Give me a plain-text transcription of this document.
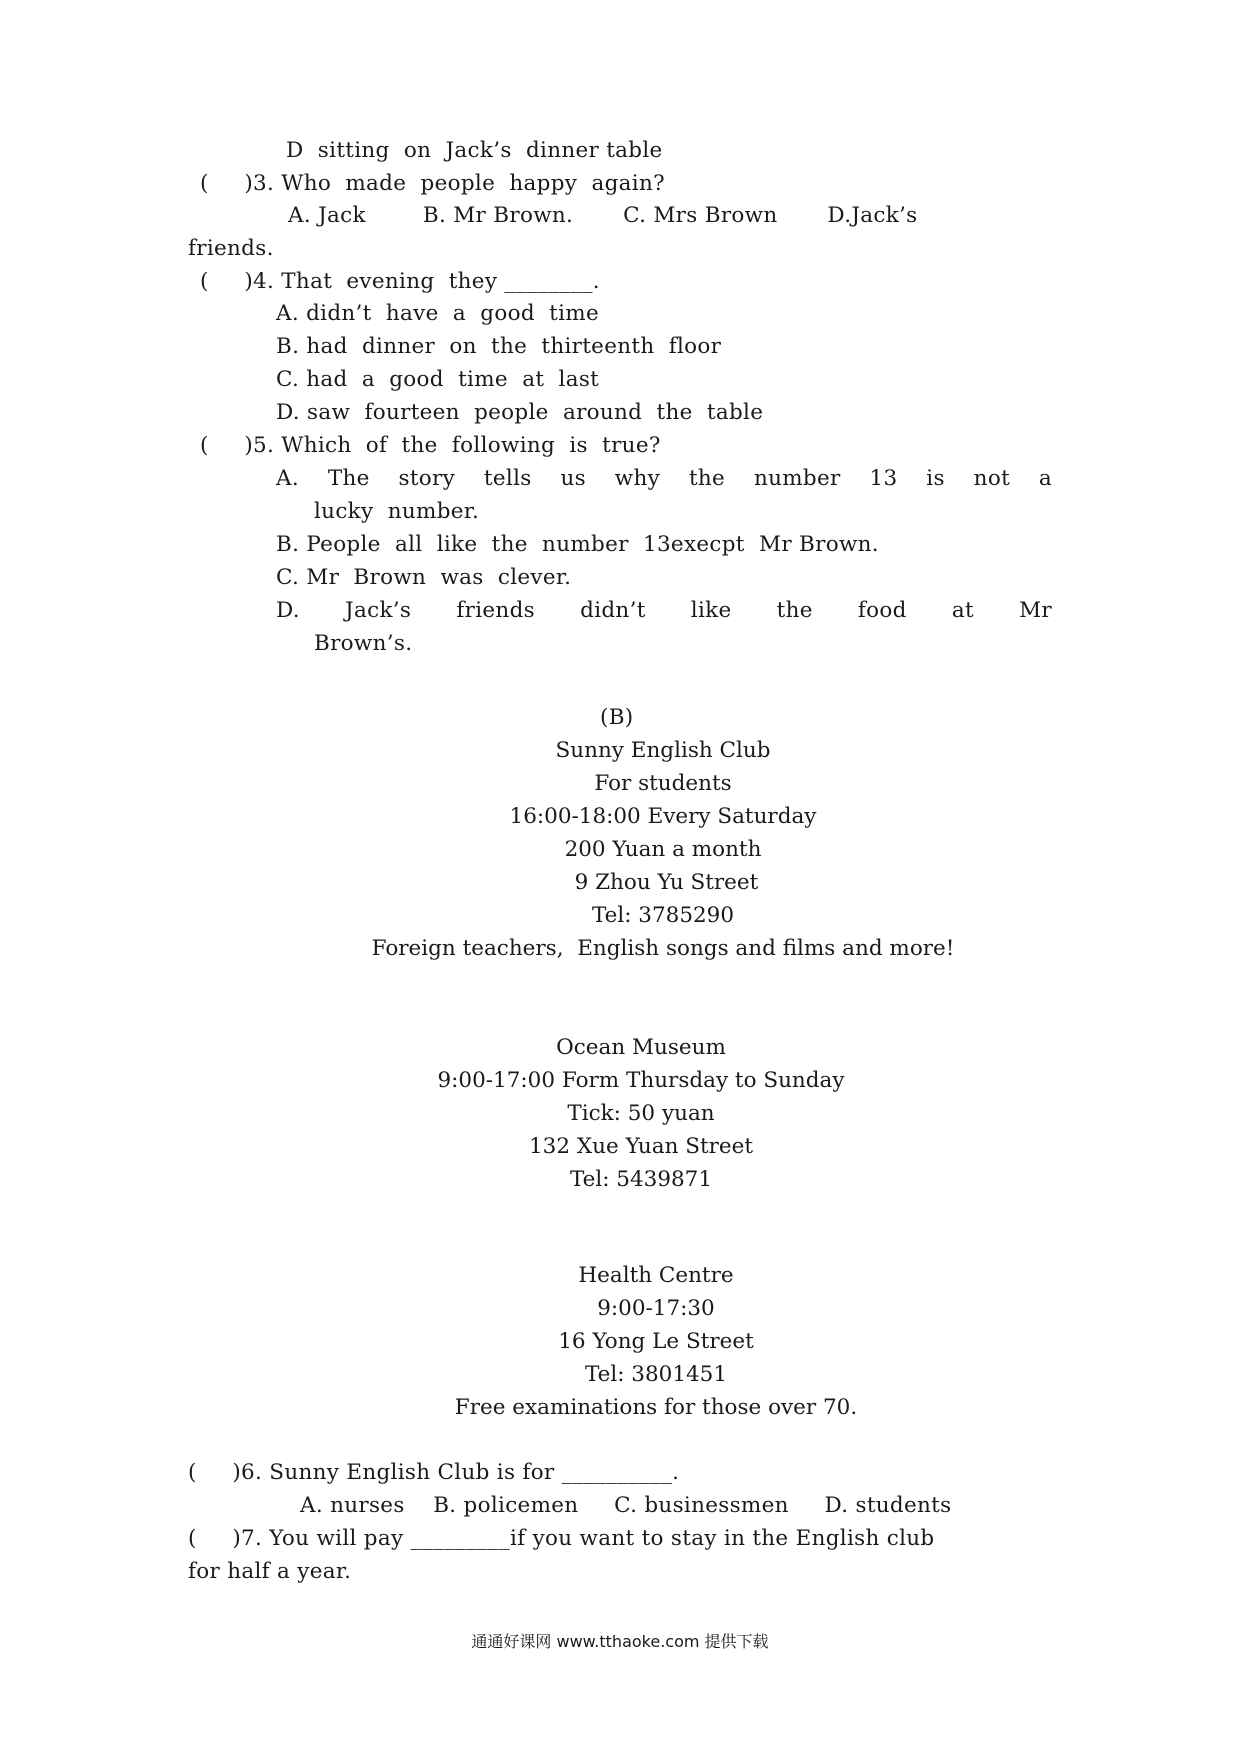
D  sitting  on  Jack’s  dinner table
(     )3. Who  made  people  happy  again?
A. Jack        B. Mr Brown.       C. Mrs Brown       D.Jack’s
friends.
(     )4. That  evening  they ________.
A. didn’t  have  a  good  time
B. had  dinner  on  the  thirteenth  floor
C. had  a  good  time  at  last
D. saw  fourteen  people  around  the  table
(     )5. Which  of  the  following  is  true?
A. The story tells us why the number 13 is not a
lucky  number.
B. People  all  like  the  number  13execpt  Mr Brown.
C. Mr  Brown  was  clever.
D. Jack’s friends didn’t like the food at Mr
Brown’s.
(B)
Sunny English Club
For students
16:00-18:00 Every Saturday
200 Yuan a month
9 Zhou Yu Street
Tel: 3785290
Foreign teachers,  English songs and films and more!
Ocean Museum
9:00-17:00 Form Thursday to Sunday
Tick: 50 yuan
132 Xue Yuan Street
Tel: 5439871
Health Centre
9:00-17:30
16 Yong Le Street
Tel: 3801451
Free examinations for those over 70.
(     )6. Sunny English Club is for __________.
A. nurses    B. policemen     C. businessmen     D. students
(     )7. You will pay _________if you want to stay in the English club
for half a year.
通通好课网 www.tthaoke.com 提供下载
